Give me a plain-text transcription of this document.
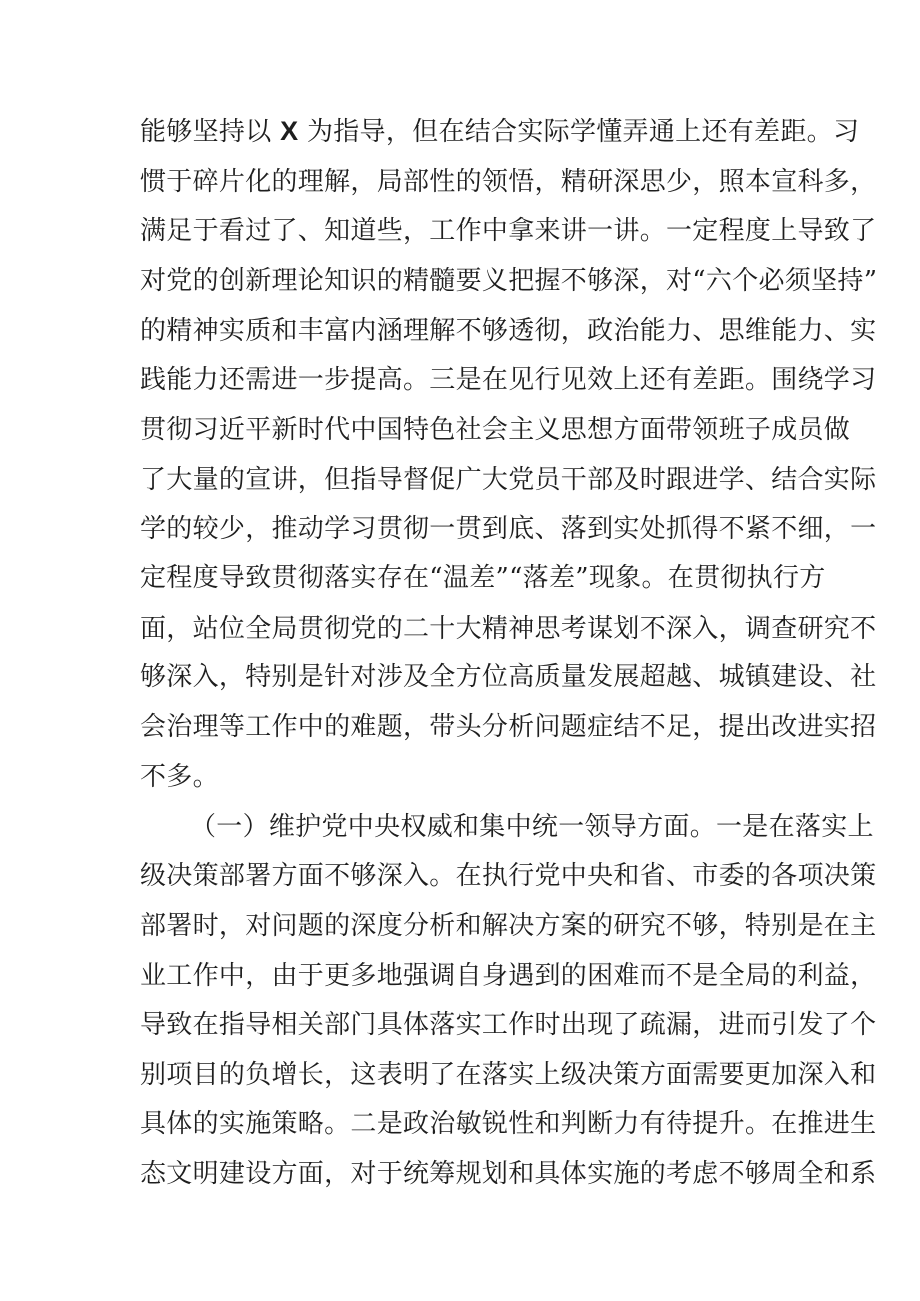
能够坚持以 X 为指导，但在结合实际学懂弄通上还有差距。习
惯于碎片化的理解，局部性的领悟，精研深思少，照本宣科多，
满足于看过了、知道些，工作中拿来讲一讲。一定程度上导致了
对党的创新理论知识的精髓要义把握不够深，对“六个必须坚持”
的精神实质和丰富内涵理解不够透彻，政治能力、思维能力、实
践能力还需进一步提高。三是在见行见效上还有差距。围绕学习
贯彻习近平新时代中国特色社会主义思想方面带领班子成员做
了大量的宣讲，但指导督促广大党员干部及时跟进学、结合实际
学的较少，推动学习贯彻一贯到底、落到实处抓得不紧不细，一
定程度导致贯彻落实存在“温差”“落差”现象。在贯彻执行方
面，站位全局贯彻党的二十大精神思考谋划不深入，调查研究不
够深入，特别是针对涉及全方位高质量发展超越、城镇建设、社
会治理等工作中的难题，带头分析问题症结不足，提出改进实招
不多。
（一）维护党中央权威和集中统一领导方面。一是在落实上
级决策部署方面不够深入。在执行党中央和省、市委的各项决策
部署时，对问题的深度分析和解决方案的研究不够，特别是在主
业工作中，由于更多地强调自身遇到的困难而不是全局的利益，
导致在指导相关部门具体落实工作时出现了疏漏，进而引发了个
别项目的负增长，这表明了在落实上级决策方面需要更加深入和
具体的实施策略。二是政治敏锐性和判断力有待提升。在推进生
态文明建设方面，对于统筹规划和具体实施的考虑不够周全和系
